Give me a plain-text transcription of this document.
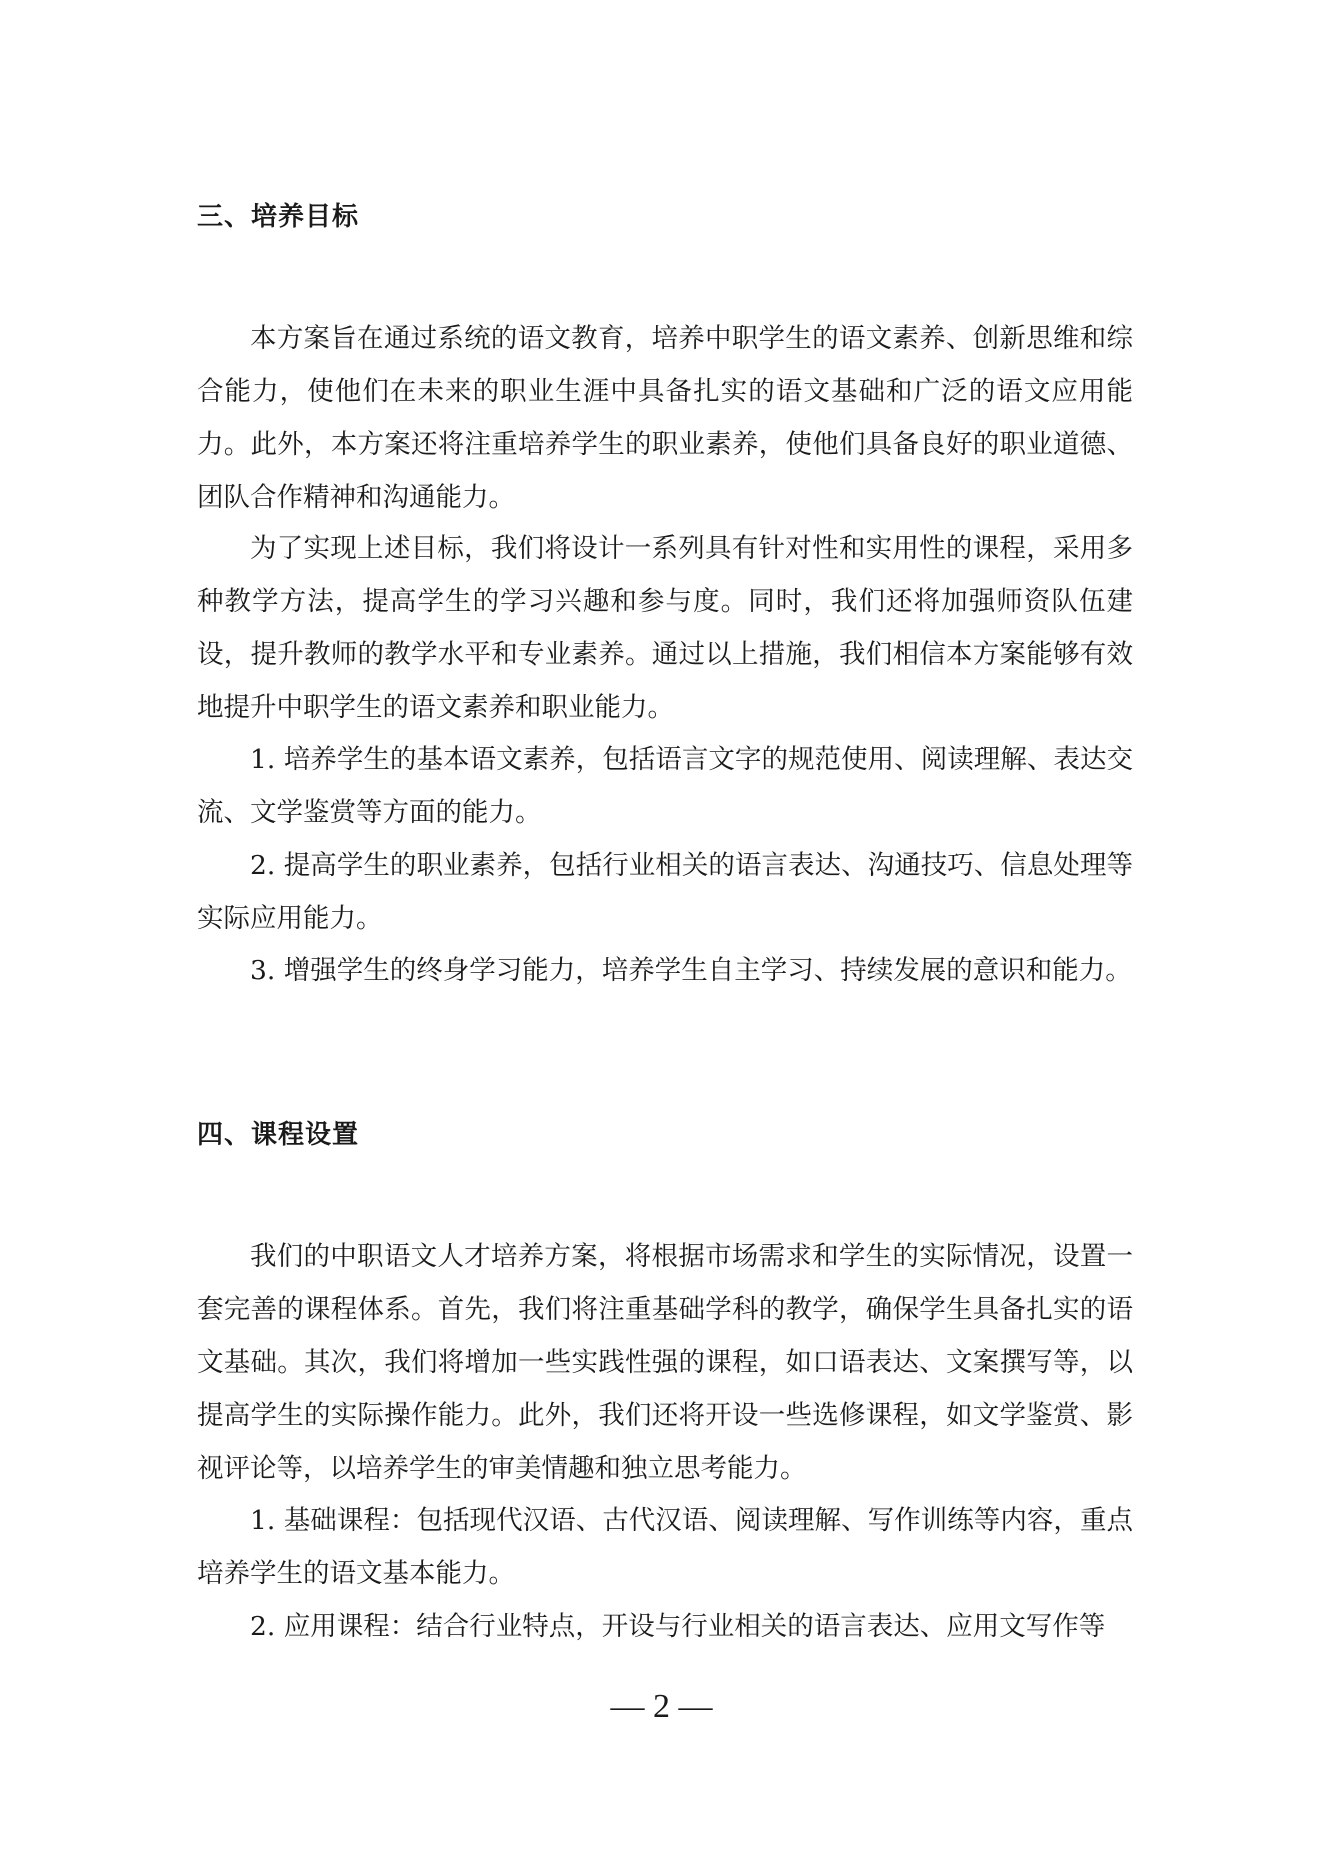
三、培养目标

本方案旨在通过系统的语文教育，培养中职学生的语文素养、创新思维和综合能力，使他们在未来的职业生涯中具备扎实的语文基础和广泛的语文应用能力。此外，本方案还将注重培养学生的职业素养，使他们具备良好的职业道德、团队合作精神和沟通能力。

为了实现上述目标，我们将设计一系列具有针对性和实用性的课程，采用多种教学方法，提高学生的学习兴趣和参与度。同时，我们还将加强师资队伍建设，提升教师的教学水平和专业素养。通过以上措施，我们相信本方案能够有效地提升中职学生的语文素养和职业能力。

1. 培养学生的基本语文素养，包括语言文字的规范使用、阅读理解、表达交流、文学鉴赏等方面的能力。

2. 提高学生的职业素养，包括行业相关的语言表达、沟通技巧、信息处理等实际应用能力。

3. 增强学生的终身学习能力，培养学生自主学习、持续发展的意识和能力。

四、课程设置

我们的中职语文人才培养方案，将根据市场需求和学生的实际情况，设置一套完善的课程体系。首先，我们将注重基础学科的教学，确保学生具备扎实的语文基础。其次，我们将增加一些实践性强的课程，如口语表达、文案撰写等，以提高学生的实际操作能力。此外，我们还将开设一些选修课程，如文学鉴赏、影视评论等，以培养学生的审美情趣和独立思考能力。

1. 基础课程：包括现代汉语、古代汉语、阅读理解、写作训练等内容，重点培养学生的语文基本能力。

2. 应用课程：结合行业特点，开设与行业相关的语言表达、应用文写作等

— 2 —
